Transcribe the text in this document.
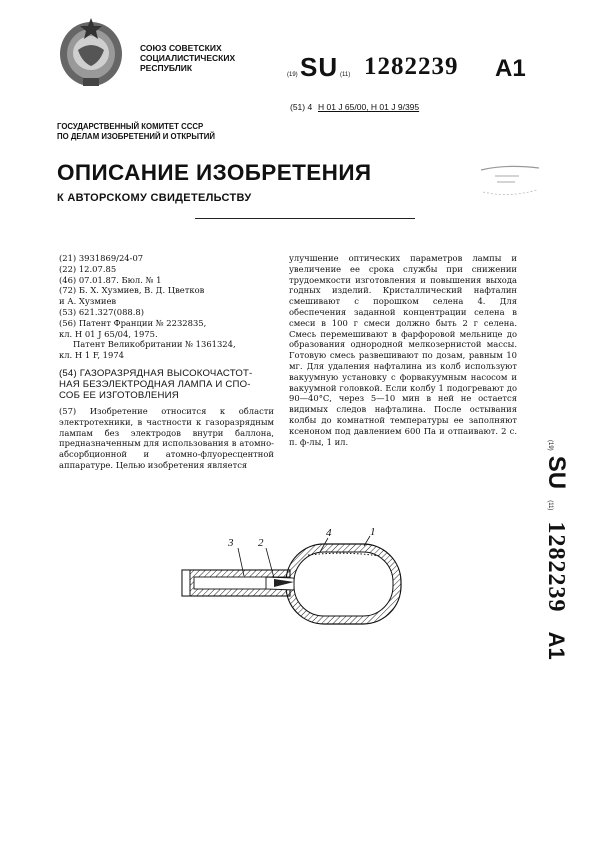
СОЮЗ СОВЕТСКИХ
СОЦИАЛИСТИЧЕСКИХ
РЕСПУБЛИК
(19) SU (11) 1282239 A1
(51) 4 H 01 J 65/00, H 01 J 9/395
ГОСУДАРСТВЕННЫЙ КОМИТЕТ СССР
ПО ДЕЛАМ ИЗОБРЕТЕНИЙ И ОТКРЫТИЙ
ОПИСАНИЕ ИЗОБРЕТЕНИЯ
К АВТОРСКОМУ СВИДЕТЕЛЬСТВУ
(21) 3931869/24-07
(22) 12.07.85
(46) 07.01.87. Бюл. № 1
(72) Б. Х. Хузмиев, В. Д. Цветков
и А. Хузмиев
(53) 621.327(088.8)
(56) Патент Франции № 2232835,
кл. Н 01 J 65/04, 1975.
Патент Великобритании № 1361324,
кл. Н 1 F, 1974
(54) ГАЗОРАЗРЯДНАЯ ВЫСОКОЧАСТОТ-
НАЯ БЕЗЭЛЕКТРОДНАЯ ЛАМПА И СПО-
СОБ ЕЕ ИЗГОТОВЛЕНИЯ

(57) Изобретение относится к области электротехники, в частности к газоразрядным лампам без электродов внутри баллона, предназначенным для использования в атомно-абсорбционной и атомно-флуоресцентной аппаратуре. Целью изобретения является

улучшение оптических параметров лампы и увеличение ее срока службы при снижении трудоемкости изготовления и повышения выхода годных изделий. Кристаллический нафталин смешивают с порошком селена 4. Для обеспечения заданной концентрации селена в смеси в 100 г смеси должно быть 2 г селена. Смесь перемешивают в фарфоровой мельнице до образования однородной мелкозернистой массы. Готовую смесь развешивают по дозам, равным 10 мг. Для удаления нафталина из колб используют вакуумную установку с форвакуумным насосом и вакуумной головкой. Если колбу 1 подогревают до 90—40°С, через 5—10 мин в ней не остается видимых следов нафталина. После остывания колбы до комнатной температуры ее заполняют ксеноном под давлением 600 Па и отпаивают. 2 с. п. ф-лы, 1 ил.

3 2
4	1
(19) SU (11) 1282239 A1
